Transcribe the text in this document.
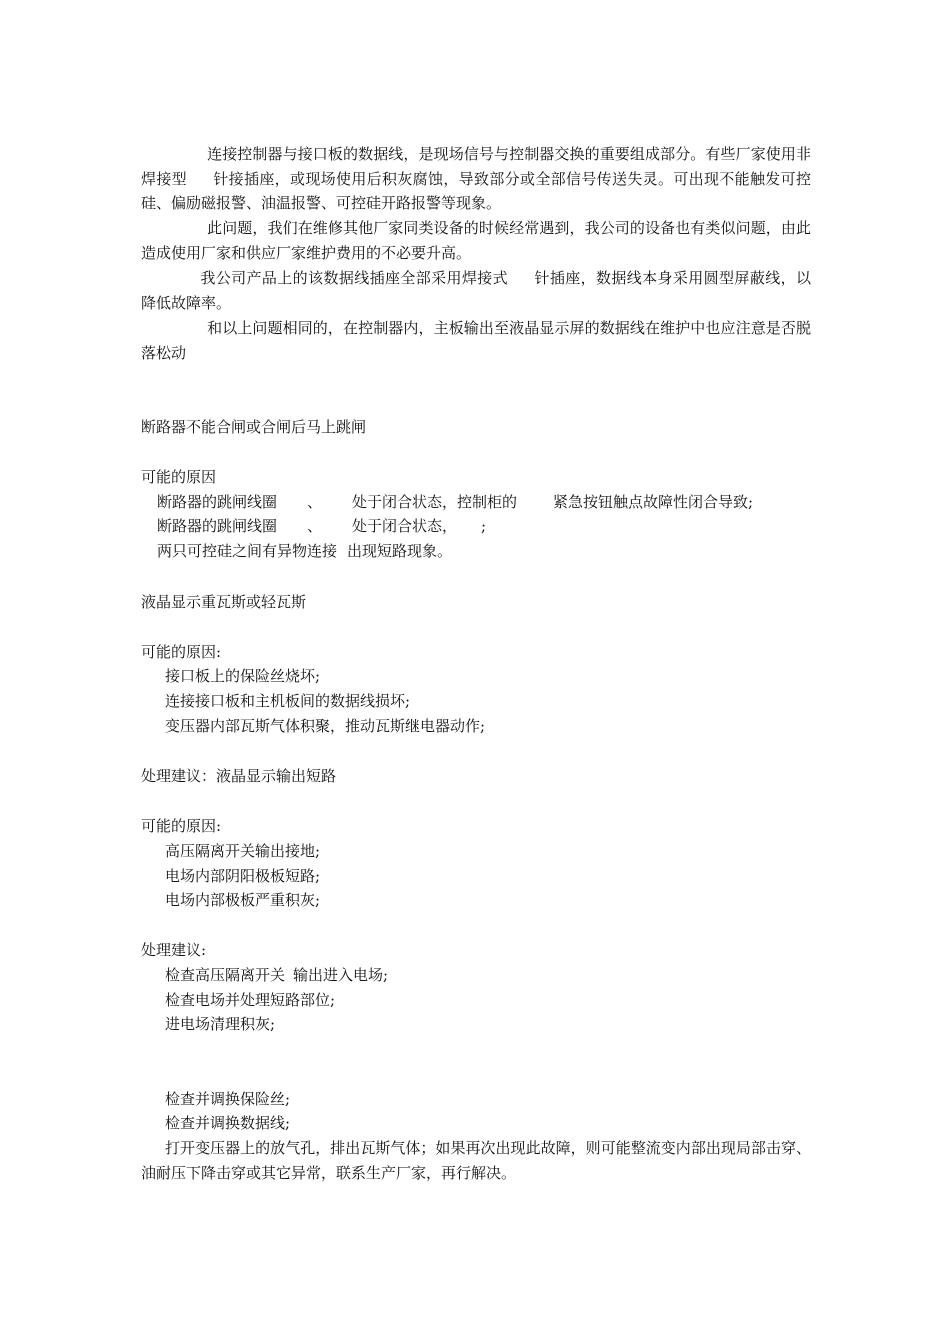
连接控制器与接口板的数据线，是现场信号与控制器交换的重要组成部分。有些厂家使用非焊接型 针接插座，或现场使用后积灰腐蚀，导致部分或全部信号传送失灵。可出现不能触发可控硅、偏励磁报警、油温报警、可控硅开路报警等现象。
此问题，我们在维修其他厂家同类设备的时候经常遇到，我公司的设备也有类似问题，由此造成使用厂家和供应厂家维护费用的不必要升高。
我公司产品上的该数据线插座全部采用焊接式 针插座，数据线本身采用圆型屏蔽线，以降低故障率。
和以上问题相同的，在控制器内，主板输出至液晶显示屏的数据线在维护中也应注意是否脱落松动
断路器不能合闸或合闸后马上跳闸
可能的原因
断路器的跳闸线圈 、 处于闭合状态，控制柜的 紧急按钮触点故障性闭合导致;
断路器的跳闸线圈 、 处于闭合状态， ;
两只可控硅之间有异物连接 出现短路现象。
液晶显示重瓦斯或轻瓦斯
可能的原因:
接口板上的保险丝烧坏;
连接接口板和主机板间的数据线损坏;
变压器内部瓦斯气体积聚，推动瓦斯继电器动作;
处理建议：液晶显示输出短路
可能的原因:
高压隔离开关输出接地;
电场内部阴阳极板短路;
电场内部极板严重积灰;
处理建议:
检查高压隔离开关 输出进入电场;
检查电场并处理短路部位;
进电场清理积灰;
检查并调换保险丝;
检查并调换数据线;
打开变压器上的放气孔，排出瓦斯气体；如果再次出现此故障，则可能整流变内部出现局部击穿、油耐压下降击穿或其它异常，联系生产厂家，再行解决。
